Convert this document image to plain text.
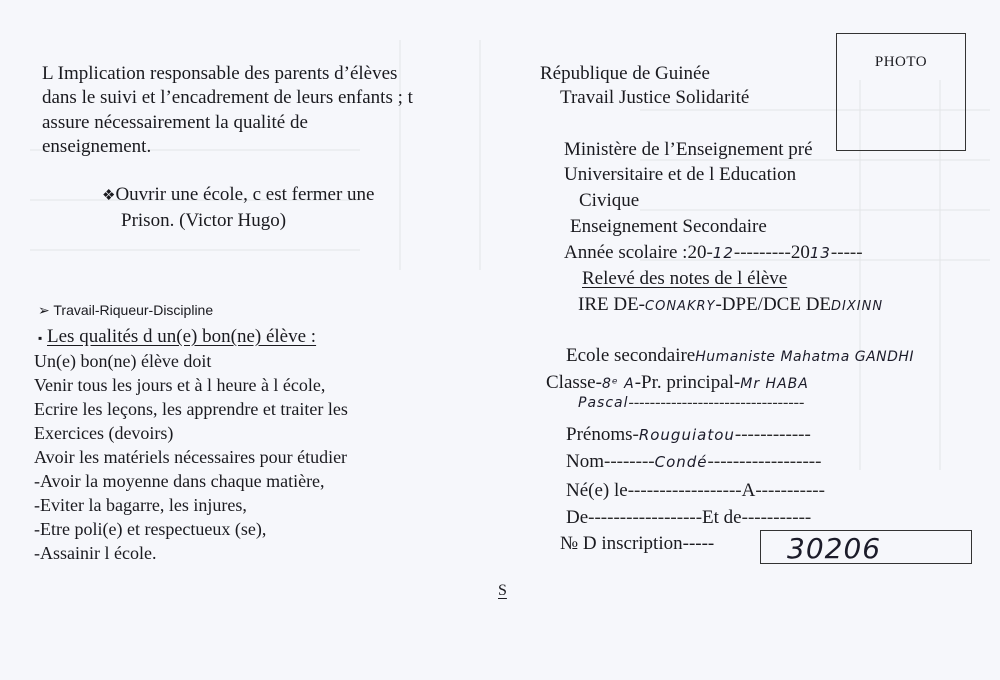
L Implication responsable des parents d’élèves
dans le suivi et l’encadrement de leurs enfants ; t
assure nécessairement la qualité de
enseignement.
❖Ouvrir une école, c est fermer une
Prison. (Victor Hugo)
➢ Travail-Riqueur-Discipline
▪ Les qualités d un(e) bon(ne) élève :
Un(e) bon(ne) élève doit
Venir tous les jours et à l heure à l école,
Ecrire les leçons, les apprendre et traiter les
Exercices (devoirs)
Avoir les matériels nécessaires pour étudier
-Avoir la moyenne dans chaque matière,
-Eviter la bagarre, les injures,
-Etre poli(e) et respectueux (se),
-Assainir l école.
S
PHOTO
République de Guinée
Travail Justice Solidarité
Ministère de l’Enseignement pré
Universitaire et de l Education
Civique
Enseignement Secondaire
Année scolaire :20-12---------2013-----
Relevé des notes de l élève
IRE DE-CONAKRY-DPE/DCE DEDIXINN
Ecole secondaireHumaniste Mahatma GANDHI
Classe-8ᵉ A-Pr. principal-Mr HABA
Pascal---------------------------------
Prénoms-Rouguiatou------------
Nom--------Condé------------------
Né(e) le------------------A-----------
De------------------Et de-----------
№ D inscription-----	30206
